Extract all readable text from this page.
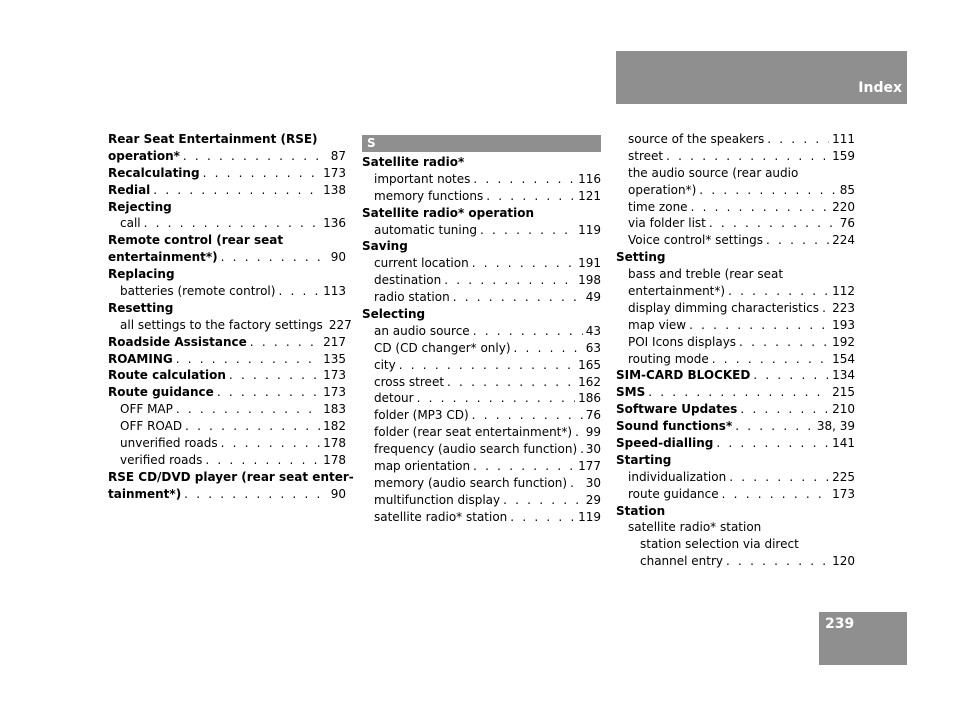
Index
Rear Seat Entertainment (RSE)
operation* . . .	87
Recalculating . . .	173
Redial . . .	138
Rejecting
call . . .	136
Remote control (rear seat
entertainment*) . . .	90
Replacing
batteries (remote control) . . .	113
Resetting
all settings to the factory settings 227
Roadside Assistance . . .	217
ROAMING . . .	135
Route calculation . . .	173
Route guidance . . .	173
OFF MAP . . .	183
OFF ROAD . . .	182
unverified roads . . .	178
verified roads . . .	178
RSE CD/DVD player (rear seat enter-
tainment*) . . .	90
S
Satellite radio*
important notes . . .	116
memory functions . . .	121
Satellite radio* operation
automatic tuning . . .	119
Saving
current location . . .	191
destination . . .	198
radio station . . .	49
Selecting
an audio source . . .	43
CD (CD changer* only) . . .	63
city . . .	165
cross street . . .	162
detour . . .	186
folder (MP3 CD) . . .	76
folder (rear seat entertainment*) . . . 99
frequency (audio search function) . . . 30
map orientation . . .	177
memory (audio search function) . . . 30
multifunction display . . .	29
satellite radio* station . . .	119
source of the speakers . . .	111
street . . .	159
the audio source (rear audio
operation*) . . .	85
time zone . . .	220
via folder list . . .	76
Voice control* settings . . .	224
Setting
bass and treble (rear seat
entertainment*) . . .	112
display dimming characteristics . . . 223
map view . . .	193
POI Icons displays . . .	192
routing mode . . .	154
SIM-CARD BLOCKED . . .	134
SMS . . .	215
Software Updates . . .	210
Sound functions* . . .	38, 39
Speed-dialling . . .	141
Starting
individualization . . .	225
route guidance . . .	173
Station
satellite radio* station
station selection via direct
channel entry . . .	120
239
